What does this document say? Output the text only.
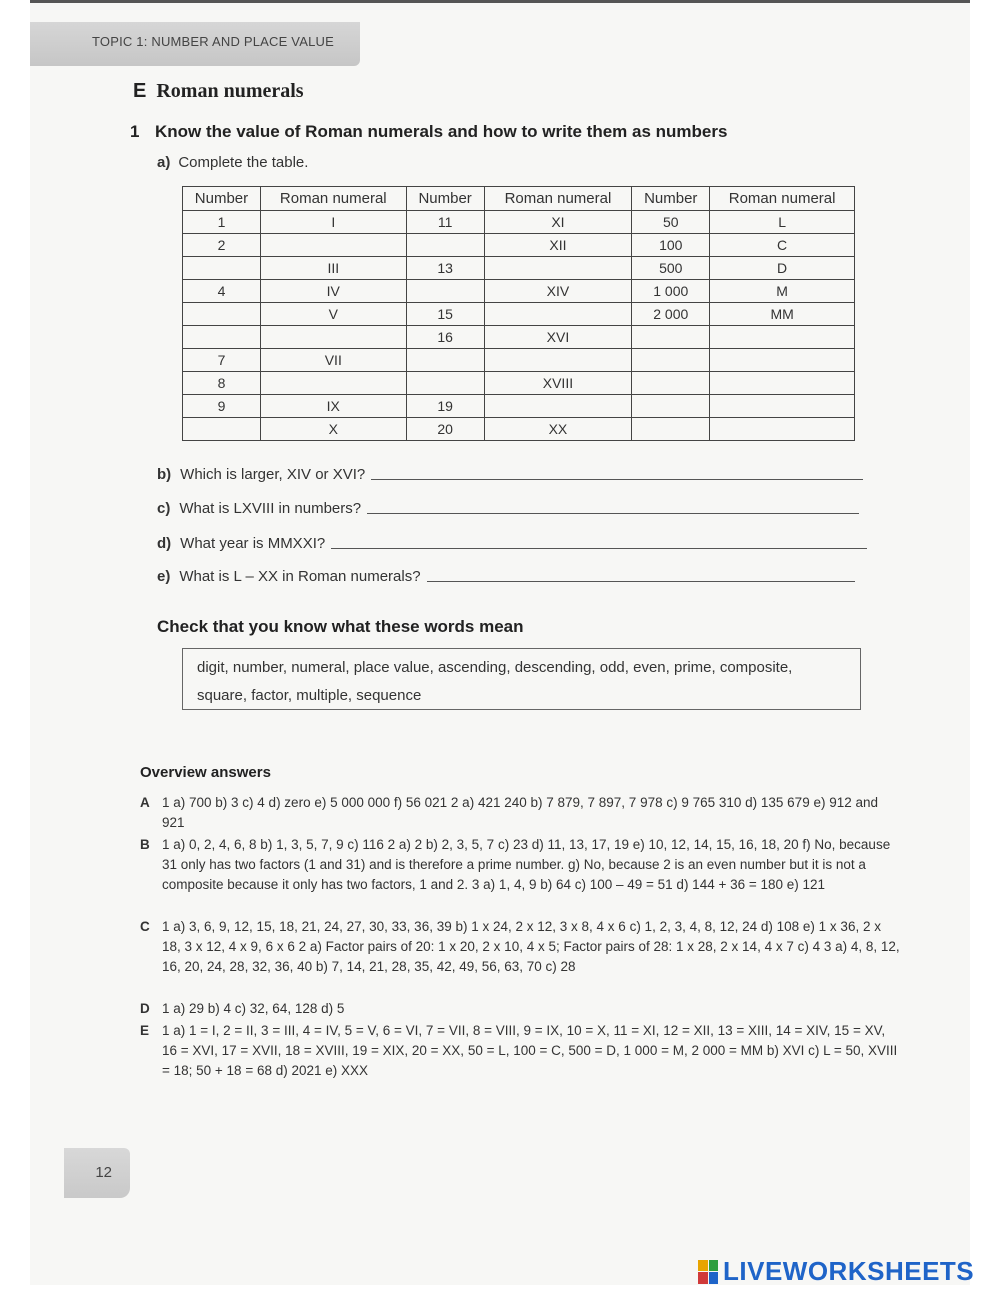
TOPIC 1: NUMBER AND PLACE VALUE
E Roman numerals
1 Know the value of Roman numerals and how to write them as numbers
a) Complete the table.
Number	Roman numeral	Number	Roman numeral	Number	Roman numeral
1	I	11	XI	50	L
2			XII	100	C
	III	13		500	D
4	IV		XIV	1 000	M
	V	15		2 000	MM
		16	XVI		
7	VII				
8			XVIII		
9	IX	19			
	X	20	XX		
b) Which is larger, XIV or XVI?
c) What is LXVIII in numbers?
d) What year is MMXXI?
e) What is L – XX in Roman numerals?
Check that you know what these words mean
digit, number, numeral, place value, ascending, descending, odd, even, prime, composite,
square, factor, multiple, sequence
Overview answers
A 1 a) 700 b) 3 c) 4 d) zero e) 5 000 000 f) 56 021 2 a) 421 240 b) 7 879, 7 897, 7 978 c) 9 765 310 d) 135 679 e) 912 and 921
B 1 a) 0, 2, 4, 6, 8 b) 1, 3, 5, 7, 9 c) 116 2 a) 2 b) 2, 3, 5, 7 c) 23 d) 11, 13, 17, 19 e) 10, 12, 14, 15, 16, 18, 20 f) No, because 31 only has two factors (1 and 31) and is therefore a prime number. g) No, because 2 is an even number but it is not a composite because it only has two factors, 1 and 2. 3 a) 1, 4, 9 b) 64 c) 100 – 49 = 51 d) 144 + 36 = 180 e) 121
C 1 a) 3, 6, 9, 12, 15, 18, 21, 24, 27, 30, 33, 36, 39 b) 1 x 24, 2 x 12, 3 x 8, 4 x 6 c) 1, 2, 3, 4, 8, 12, 24 d) 108 e) 1 x 36, 2 x 18, 3 x 12, 4 x 9, 6 x 6 2 a) Factor pairs of 20: 1 x 20, 2 x 10, 4 x 5; Factor pairs of 28: 1 x 28, 2 x 14, 4 x 7 c) 4 3 a) 4, 8, 12, 16, 20, 24, 28, 32, 36, 40 b) 7, 14, 21, 28, 35, 42, 49, 56, 63, 70 c) 28
D 1 a) 29 b) 4 c) 32, 64, 128 d) 5
E 1 a) 1 = I, 2 = II, 3 = III, 4 = IV, 5 = V, 6 = VI, 7 = VII, 8 = VIII, 9 = IX, 10 = X, 11 = XI, 12 = XII, 13 = XIII, 14 = XIV, 15 = XV, 16 = XVI, 17 = XVII, 18 = XVIII, 19 = XIX, 20 = XX, 50 = L, 100 = C, 500 = D, 1 000 = M, 2 000 = MM b) XVI c) L = 50, XVIII = 18; 50 + 18 = 68 d) 2021 e) XXX
12
LIVEWORKSHEETS
